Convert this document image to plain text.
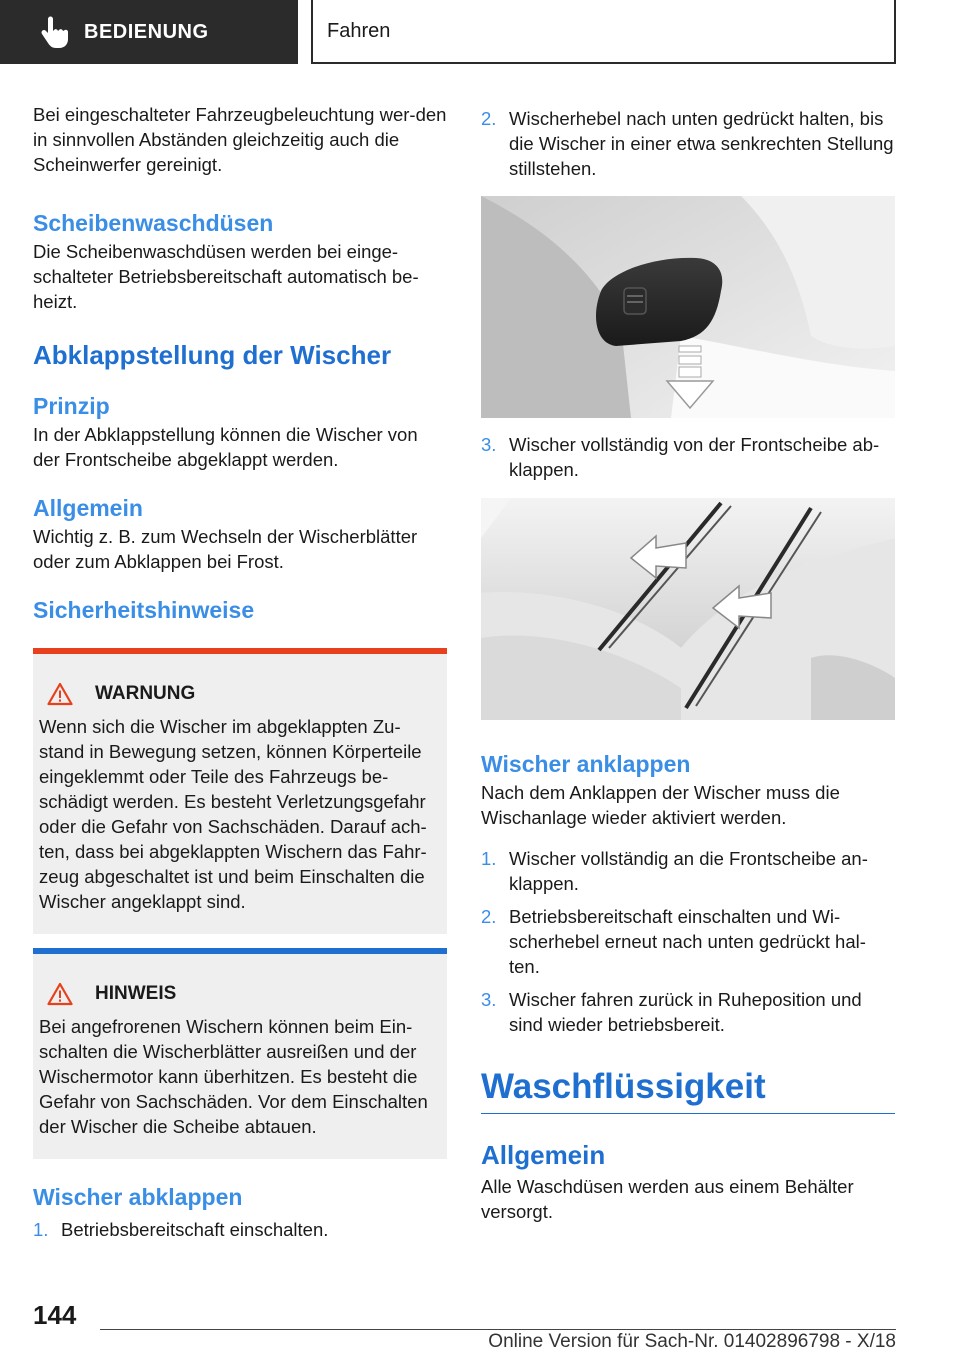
BEDIENUNG	Fahren

Bei eingeschalteter Fahrzeugbeleuchtung wer-den in sinnvollen Abständen gleichzeitig auch die Scheinwerfer gereinigt.

Scheibenwaschdüsen

Die Scheibenwaschdüsen werden bei einge-schalteter Betriebsbereitschaft automatisch be-heizt.

Abklappstellung der Wischer
Prinzip

In der Abklappstellung können die Wischer von der Frontscheibe abgeklappt werden.

Allgemein

Wichtig z. B. zum Wechseln der Wischerblätter oder zum Abklappen bei Frost.

Sicherheitshinweise
WARNUNG

Wenn sich die Wischer im abgeklappten Zu-stand in Bewegung setzen, können Körperteile eingeklemmt oder Teile des Fahrzeugs be-schädigt werden. Es besteht Verletzungsgefahr oder die Gefahr von Sachschäden. Darauf ach-ten, dass bei abgeklappten Wischern das Fahr-zeug abgeschaltet ist und beim Einschalten die Wischer angeklappt sind.

HINWEIS

Bei angefrorenen Wischern können beim Ein-schalten die Wischerblätter ausreißen und der Wischermotor kann überhitzen. Es besteht die Gefahr von Sachschäden. Vor dem Einschalten der Wischer die Scheibe abtauen.

Wischer abklappen
1. Betriebsbereitschaft einschalten.
2. Wischerhebel nach unten gedrückt halten, bis die Wischer in einer etwa senkrechten Stellung stillstehen.
3. Wischer vollständig von der Frontscheibe ab-klappen.
Wischer anklappen

Nach dem Anklappen der Wischer muss die Wischanlage wieder aktiviert werden.

1. Wischer vollständig an die Frontscheibe an-klappen.
2. Betriebsbereitschaft einschalten und Wi-scherhebel erneut nach unten gedrückt hal-ten.
3. Wischer fahren zurück in Ruheposition und sind wieder betriebsbereit.
Waschflüssigkeit
Allgemein

Alle Waschdüsen werden aus einem Behälter versorgt.

144
Online Version für Sach-Nr. 01402896798 - X/18
